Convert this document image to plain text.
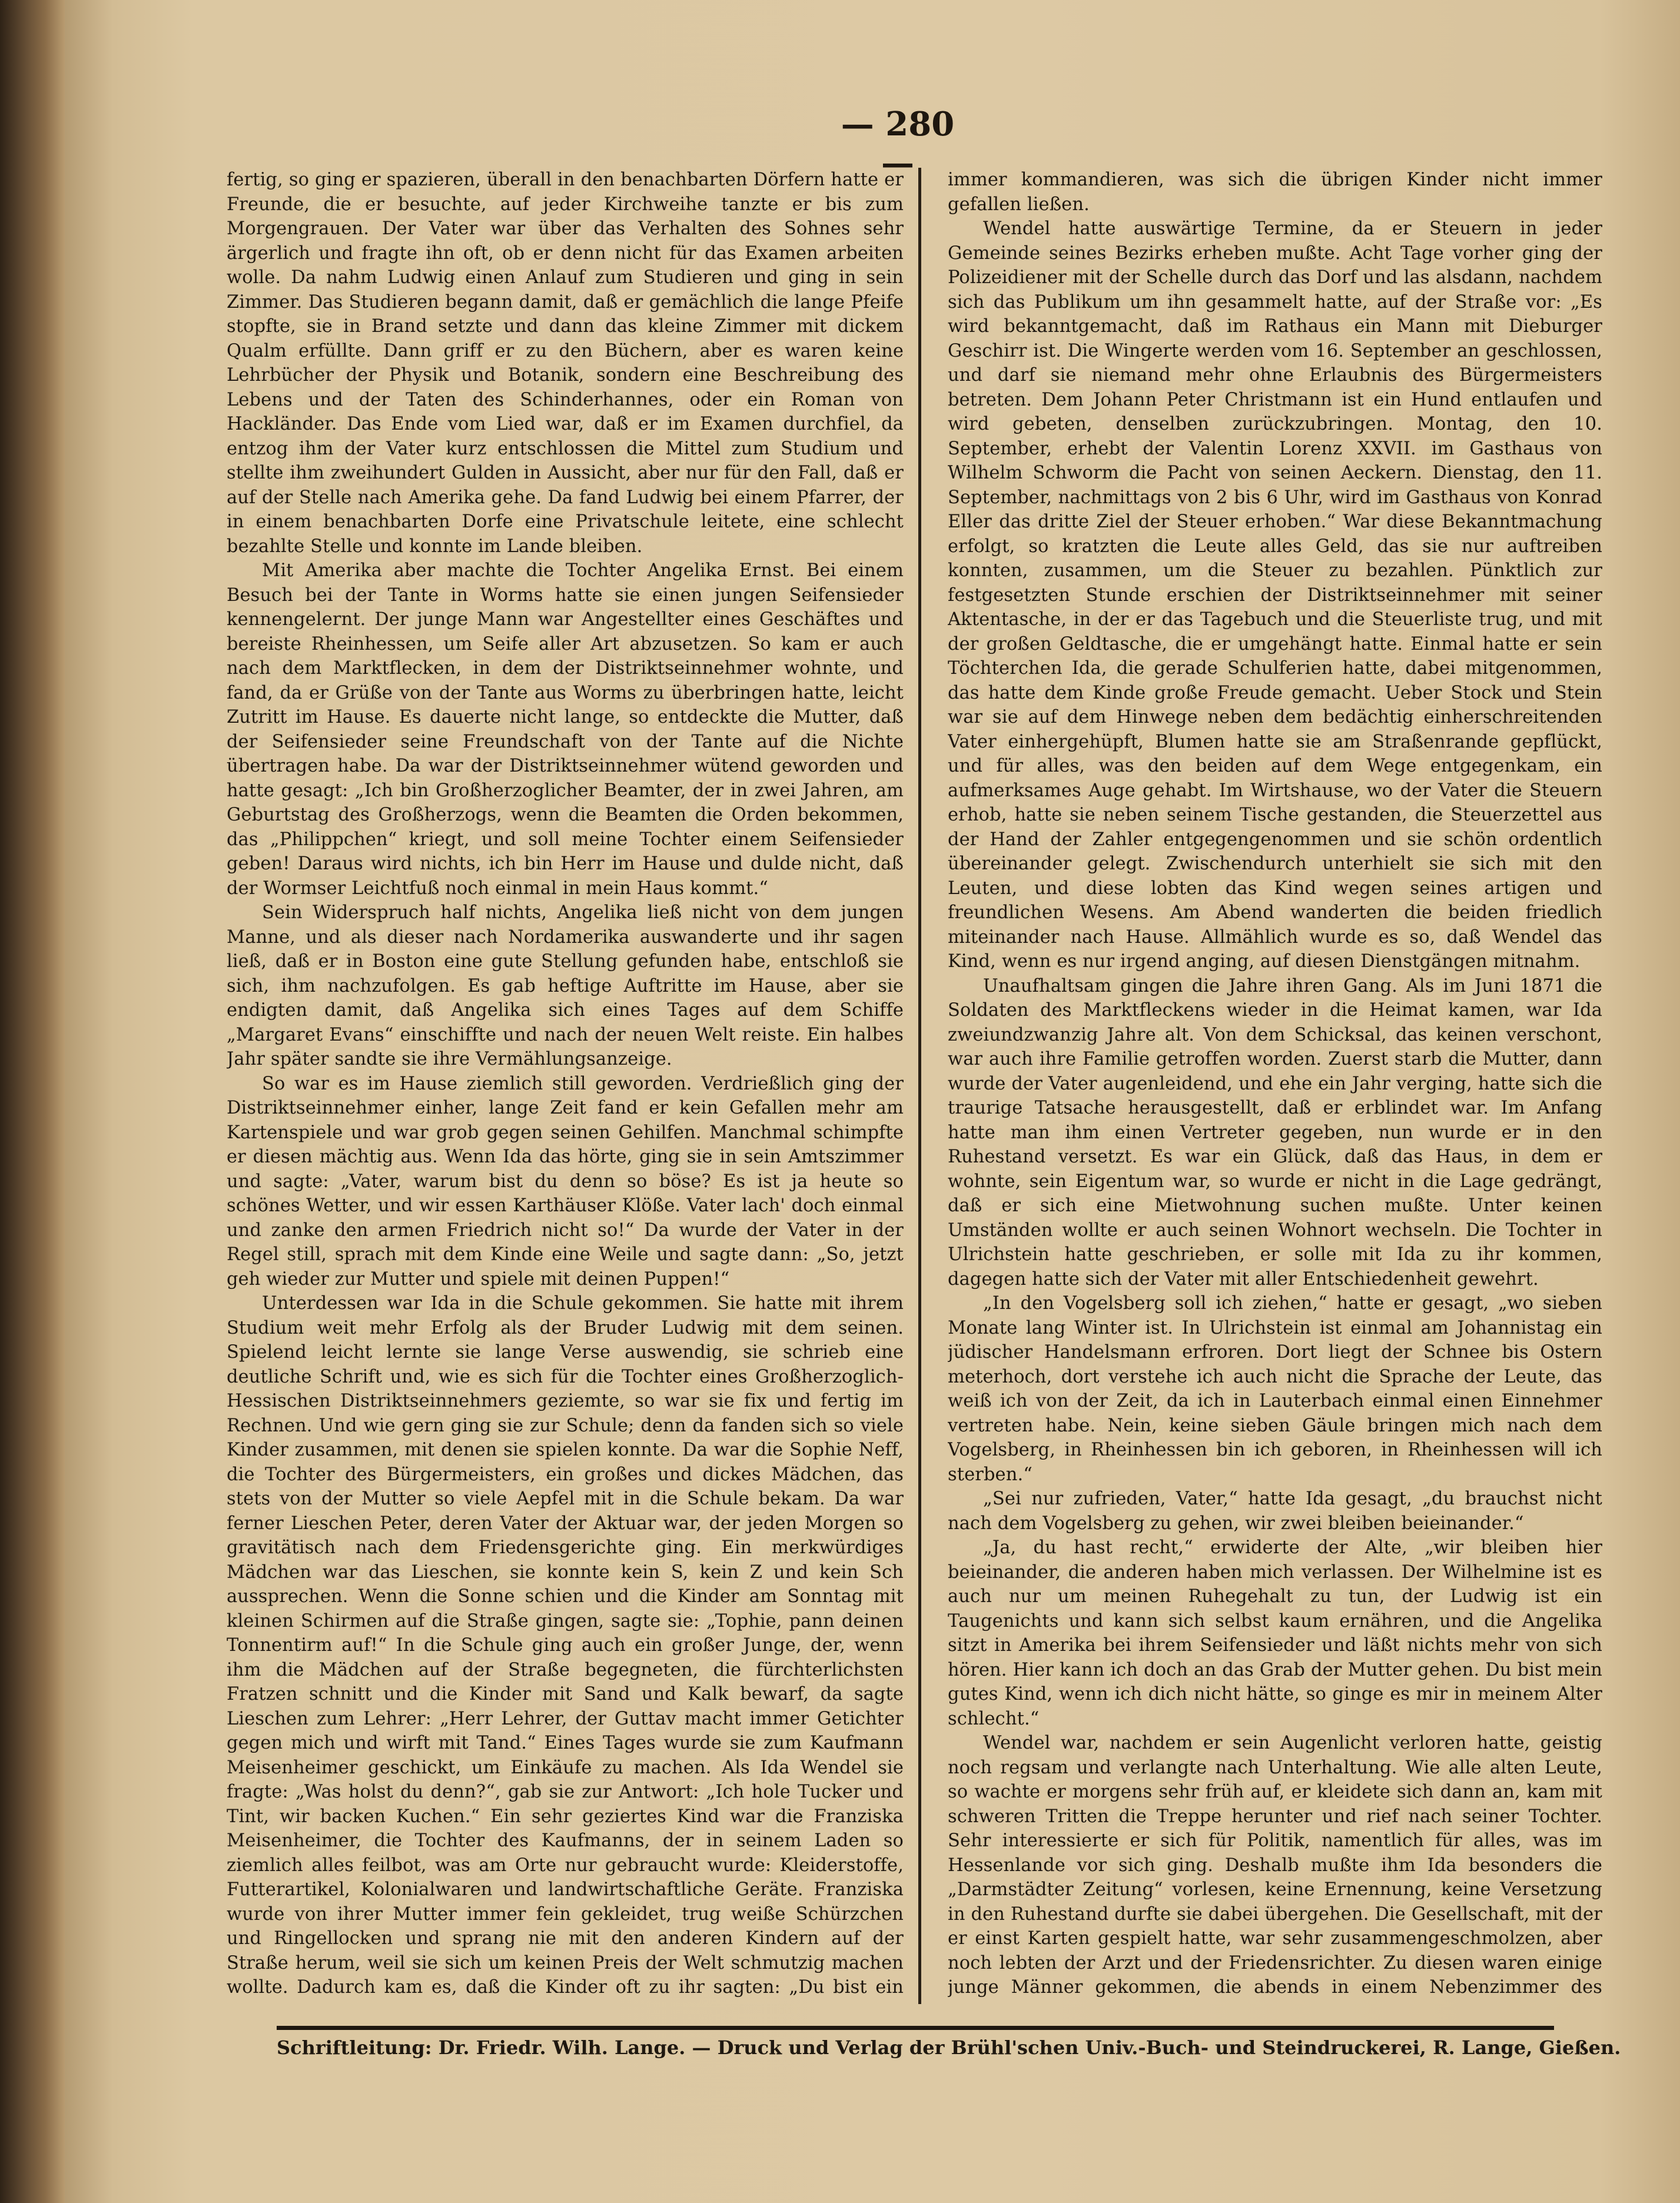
— 280 —

fertig, so ging er spazieren, überall in den benachbarten Dörfern hatte er Freunde, die er besuchte, auf jeder Kirchweihe tanzte er bis zum Morgengrauen. Der Vater war über das Verhalten des Sohnes sehr ärgerlich und fragte ihn oft, ob er denn nicht für das Examen arbeiten wolle. Da nahm Ludwig einen Anlauf zum Studieren und ging in sein Zimmer. Das Studieren begann damit, daß er gemächlich die lange Pfeife stopfte, sie in Brand setzte und dann das kleine Zimmer mit dickem Qualm erfüllte. Dann griff er zu den Büchern, aber es waren keine Lehrbücher der Physik und Botanik, sondern eine Beschreibung des Lebens und der Taten des Schinderhannes, oder ein Roman von Hackländer. Das Ende vom Lied war, daß er im Examen durchfiel, da entzog ihm der Vater kurz entschlossen die Mittel zum Studium und stellte ihm zweihundert Gulden in Aussicht, aber nur für den Fall, daß er auf der Stelle nach Amerika gehe. Da fand Ludwig bei einem Pfarrer, der in einem benachbarten Dorfe eine Privatschule leitete, eine schlecht bezahlte Stelle und konnte im Lande bleiben.

Mit Amerika aber machte die Tochter Angelika Ernst. Bei einem Besuch bei der Tante in Worms hatte sie einen jungen Seifensieder kennengelernt. Der junge Mann war Angestellter eines Geschäftes und bereiste Rheinhessen, um Seife aller Art abzusetzen. So kam er auch nach dem Marktflecken, in dem der Distriktseinnehmer wohnte, und fand, da er Grüße von der Tante aus Worms zu überbringen hatte, leicht Zutritt im Hause. Es dauerte nicht lange, so entdeckte die Mutter, daß der Seifensieder seine Freundschaft von der Tante auf die Nichte übertragen habe. Da war der Distriktseinnehmer wütend geworden und hatte gesagt: „Ich bin Großherzoglicher Beamter, der in zwei Jahren, am Geburtstag des Großherzogs, wenn die Beamten die Orden bekommen, das „Philippchen“ kriegt, und soll meine Tochter einem Seifensieder geben! Daraus wird nichts, ich bin Herr im Hause und dulde nicht, daß der Wormser Leichtfuß noch einmal in mein Haus kommt.“

Sein Widerspruch half nichts, Angelika ließ nicht von dem jungen Manne, und als dieser nach Nordamerika auswanderte und ihr sagen ließ, daß er in Boston eine gute Stellung gefunden habe, entschloß sie sich, ihm nachzufolgen. Es gab heftige Auftritte im Hause, aber sie endigten damit, daß Angelika sich eines Tages auf dem Schiffe „Margaret Evans“ einschiffte und nach der neuen Welt reiste. Ein halbes Jahr später sandte sie ihre Vermählungsanzeige.

So war es im Hause ziemlich still geworden. Verdrießlich ging der Distriktseinnehmer einher, lange Zeit fand er kein Gefallen mehr am Kartenspiele und war grob gegen seinen Gehilfen. Manchmal schimpfte er diesen mächtig aus. Wenn Ida das hörte, ging sie in sein Amtszimmer und sagte: „Vater, warum bist du denn so böse? Es ist ja heute so schönes Wetter, und wir essen Karthäuser Klöße. Vater lach' doch einmal und zanke den armen Friedrich nicht so!“ Da wurde der Vater in der Regel still, sprach mit dem Kinde eine Weile und sagte dann: „So, jetzt geh wieder zur Mutter und spiele mit deinen Puppen!“

Unterdessen war Ida in die Schule gekommen. Sie hatte mit ihrem Studium weit mehr Erfolg als der Bruder Ludwig mit dem seinen. Spielend leicht lernte sie lange Verse auswendig, sie schrieb eine deutliche Schrift und, wie es sich für die Tochter eines Großherzoglich-Hessischen Distriktseinnehmers geziemte, so war sie fix und fertig im Rechnen. Und wie gern ging sie zur Schule; denn da fanden sich so viele Kinder zusammen, mit denen sie spielen konnte. Da war die Sophie Neff, die Tochter des Bürgermeisters, ein großes und dickes Mädchen, das stets von der Mutter so viele Aepfel mit in die Schule bekam. Da war ferner Lieschen Peter, deren Vater der Aktuar war, der jeden Morgen so gravitätisch nach dem Friedensgerichte ging. Ein merkwürdiges Mädchen war das Lieschen, sie konnte kein S, kein Z und kein Sch aussprechen. Wenn die Sonne schien und die Kinder am Sonntag mit kleinen Schirmen auf die Straße gingen, sagte sie: „Tophie, pann deinen Tonnentirm auf!“ In die Schule ging auch ein großer Junge, der, wenn ihm die Mädchen auf der Straße begegneten, die fürchterlichsten Fratzen schnitt und die Kinder mit Sand und Kalk bewarf, da sagte Lieschen zum Lehrer: „Herr Lehrer, der Guttav macht immer Getichter gegen mich und wirft mit Tand.“ Eines Tages wurde sie zum Kaufmann Meisenheimer geschickt, um Einkäufe zu machen. Als Ida Wendel sie fragte: „Was holst du denn?“, gab sie zur Antwort: „Ich hole Tucker und Tint, wir backen Kuchen.“ Ein sehr geziertes Kind war die Franziska Meisenheimer, die Tochter des Kaufmanns, der in seinem Laden so ziemlich alles feilbot, was am Orte nur gebraucht wurde: Kleiderstoffe, Futterartikel, Kolonialwaren und landwirtschaftliche Geräte. Franziska wurde von ihrer Mutter immer fein gekleidet, trug weiße Schürzchen und Ringellocken und sprang nie mit den anderen Kindern auf der Straße herum, weil sie sich um keinen Preis der Welt schmutzig machen wollte. Dadurch kam es, daß die Kinder oft zu ihr sagten: „Du bist ein

immer kommandieren, was sich die übrigen Kinder nicht immer gefallen ließen.

Wendel hatte auswärtige Termine, da er Steuern in jeder Gemeinde seines Bezirks erheben mußte. Acht Tage vorher ging der Polizeidiener mit der Schelle durch das Dorf und las alsdann, nachdem sich das Publikum um ihn gesammelt hatte, auf der Straße vor: „Es wird bekanntgemacht, daß im Rathaus ein Mann mit Dieburger Geschirr ist. Die Wingerte werden vom 16. September an geschlossen, und darf sie niemand mehr ohne Erlaubnis des Bürgermeisters betreten. Dem Johann Peter Christmann ist ein Hund entlaufen und wird gebeten, denselben zurückzubringen. Montag, den 10. September, erhebt der Valentin Lorenz XXVII. im Gasthaus von Wilhelm Schworm die Pacht von seinen Aeckern. Dienstag, den 11. September, nachmittags von 2 bis 6 Uhr, wird im Gasthaus von Konrad Eller das dritte Ziel der Steuer erhoben.“ War diese Bekanntmachung erfolgt, so kratzten die Leute alles Geld, das sie nur auftreiben konnten, zusammen, um die Steuer zu bezahlen. Pünktlich zur festgesetzten Stunde erschien der Distriktseinnehmer mit seiner Aktentasche, in der er das Tagebuch und die Steuerliste trug, und mit der großen Geldtasche, die er umgehängt hatte. Einmal hatte er sein Töchterchen Ida, die gerade Schulferien hatte, dabei mitgenommen, das hatte dem Kinde große Freude gemacht. Ueber Stock und Stein war sie auf dem Hinwege neben dem bedächtig einherschreitenden Vater einhergehüpft, Blumen hatte sie am Straßenrande gepflückt, und für alles, was den beiden auf dem Wege entgegenkam, ein aufmerksames Auge gehabt. Im Wirtshause, wo der Vater die Steuern erhob, hatte sie neben seinem Tische gestanden, die Steuerzettel aus der Hand der Zahler entgegengenommen und sie schön ordentlich übereinander gelegt. Zwischendurch unterhielt sie sich mit den Leuten, und diese lobten das Kind wegen seines artigen und freundlichen Wesens. Am Abend wanderten die beiden friedlich miteinander nach Hause. Allmählich wurde es so, daß Wendel das Kind, wenn es nur irgend anging, auf diesen Dienstgängen mitnahm.

Unaufhaltsam gingen die Jahre ihren Gang. Als im Juni 1871 die Soldaten des Marktfleckens wieder in die Heimat kamen, war Ida zweiundzwanzig Jahre alt. Von dem Schicksal, das keinen verschont, war auch ihre Familie getroffen worden. Zuerst starb die Mutter, dann wurde der Vater augenleidend, und ehe ein Jahr verging, hatte sich die traurige Tatsache herausgestellt, daß er erblindet war. Im Anfang hatte man ihm einen Vertreter gegeben, nun wurde er in den Ruhestand versetzt. Es war ein Glück, daß das Haus, in dem er wohnte, sein Eigentum war, so wurde er nicht in die Lage gedrängt, daß er sich eine Mietwohnung suchen mußte. Unter keinen Umständen wollte er auch seinen Wohnort wechseln. Die Tochter in Ulrichstein hatte geschrieben, er solle mit Ida zu ihr kommen, dagegen hatte sich der Vater mit aller Entschiedenheit gewehrt.

„In den Vogelsberg soll ich ziehen,“ hatte er gesagt, „wo sieben Monate lang Winter ist. In Ulrichstein ist einmal am Johannistag ein jüdischer Handelsmann erfroren. Dort liegt der Schnee bis Ostern meterhoch, dort verstehe ich auch nicht die Sprache der Leute, das weiß ich von der Zeit, da ich in Lauterbach einmal einen Einnehmer vertreten habe. Nein, keine sieben Gäule bringen mich nach dem Vogelsberg, in Rheinhessen bin ich geboren, in Rheinhessen will ich sterben.“

„Sei nur zufrieden, Vater,“ hatte Ida gesagt, „du brauchst nicht nach dem Vogelsberg zu gehen, wir zwei bleiben beieinander.“

„Ja, du hast recht,“ erwiderte der Alte, „wir bleiben hier beieinander, die anderen haben mich verlassen. Der Wilhelmine ist es auch nur um meinen Ruhegehalt zu tun, der Ludwig ist ein Taugenichts und kann sich selbst kaum ernähren, und die Angelika sitzt in Amerika bei ihrem Seifensieder und läßt nichts mehr von sich hören. Hier kann ich doch an das Grab der Mutter gehen. Du bist mein gutes Kind, wenn ich dich nicht hätte, so ginge es mir in meinem Alter schlecht.“

Wendel war, nachdem er sein Augenlicht verloren hatte, geistig noch regsam und verlangte nach Unterhaltung. Wie alle alten Leute, so wachte er morgens sehr früh auf, er kleidete sich dann an, kam mit schweren Tritten die Treppe herunter und rief nach seiner Tochter. Sehr interessierte er sich für Politik, namentlich für alles, was im Hessenlande vor sich ging. Deshalb mußte ihm Ida besonders die „Darmstädter Zeitung“ vorlesen, keine Ernennung, keine Versetzung in den Ruhestand durfte sie dabei übergehen. Die Gesellschaft, mit der er einst Karten gespielt hatte, war sehr zusammengeschmolzen, aber noch lebten der Arzt und der Friedensrichter. Zu diesen waren einige junge Männer gekommen, die abends in einem Nebenzimmer des

Schriftleitung: Dr. Friedr. Wilh. Lange. — Druck und Verlag der Brühl'schen Univ.-Buch- und Steindruckerei, R. Lange, Gießen.
